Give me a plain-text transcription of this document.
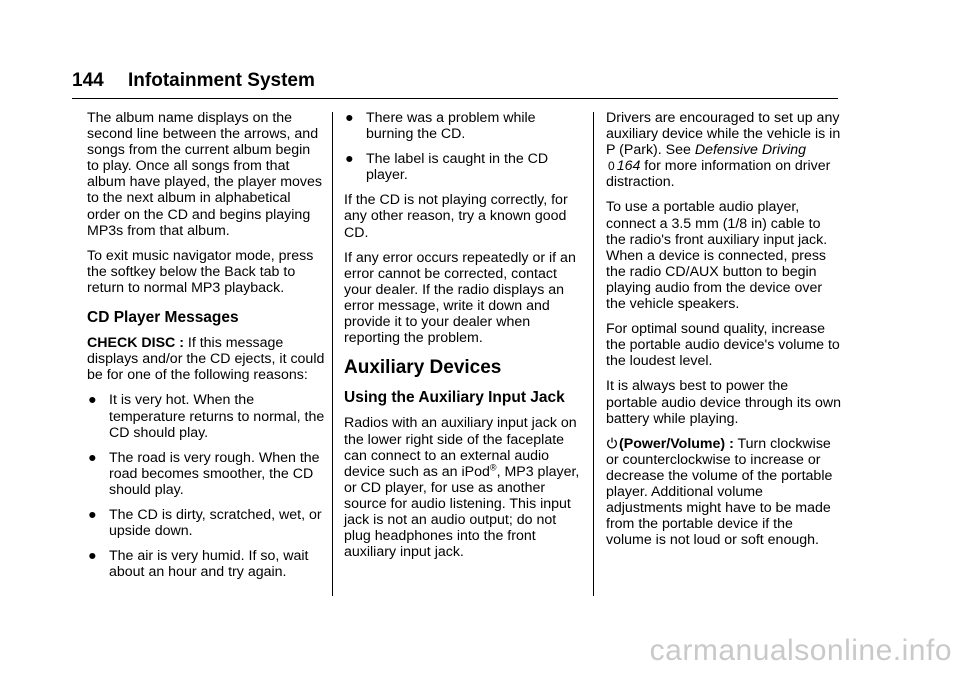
144 Infotainment System

The album name displays on the second line between the arrows, and songs from the current album begin to play. Once all songs from that album have played, the player moves to the next album in alphabetical order on the CD and begins playing MP3s from that album.

To exit music navigator mode, press the softkey below the Back tab to return to normal MP3 playback.

CD Player Messages

CHECK DISC : If this message displays and/or the CD ejects, it could be for one of the following reasons:

● It is very hot. When the temperature returns to normal, the CD should play.
● The road is very rough. When the road becomes smoother, the CD should play.
● The CD is dirty, scratched, wet, or upside down.
● The air is very humid. If so, wait about an hour and try again.
● There was a problem while burning the CD.
● The label is caught in the CD player.

If the CD is not playing correctly, for any other reason, try a known good CD.

If any error occurs repeatedly or if an error cannot be corrected, contact your dealer. If the radio displays an error message, write it down and provide it to your dealer when reporting the problem.

Auxiliary Devices
Using the Auxiliary Input Jack

Radios with an auxiliary input jack on the lower right side of the faceplate can connect to an external audio device such as an iPod®, MP3 player, or CD player, for use as another source for audio listening. This input jack is not an audio output; do not plug headphones into the front auxiliary input jack.

Drivers are encouraged to set up any auxiliary device while the vehicle is in P (Park). See Defensive Driving 0 164 for more information on driver distraction.

To use a portable audio player, connect a 3.5 mm (1/8 in) cable to the radio's front auxiliary input jack. When a device is connected, press the radio CD/AUX button to begin playing audio from the device over the vehicle speakers.

For optimal sound quality, increase the portable audio device's volume to the loudest level.

It is always best to power the portable audio device through its own battery while playing.

(Power/Volume) : Turn clockwise or counterclockwise to increase or decrease the volume of the portable player. Additional volume adjustments might have to be made from the portable device if the volume is not loud or soft enough.

carmanualsonline.info
